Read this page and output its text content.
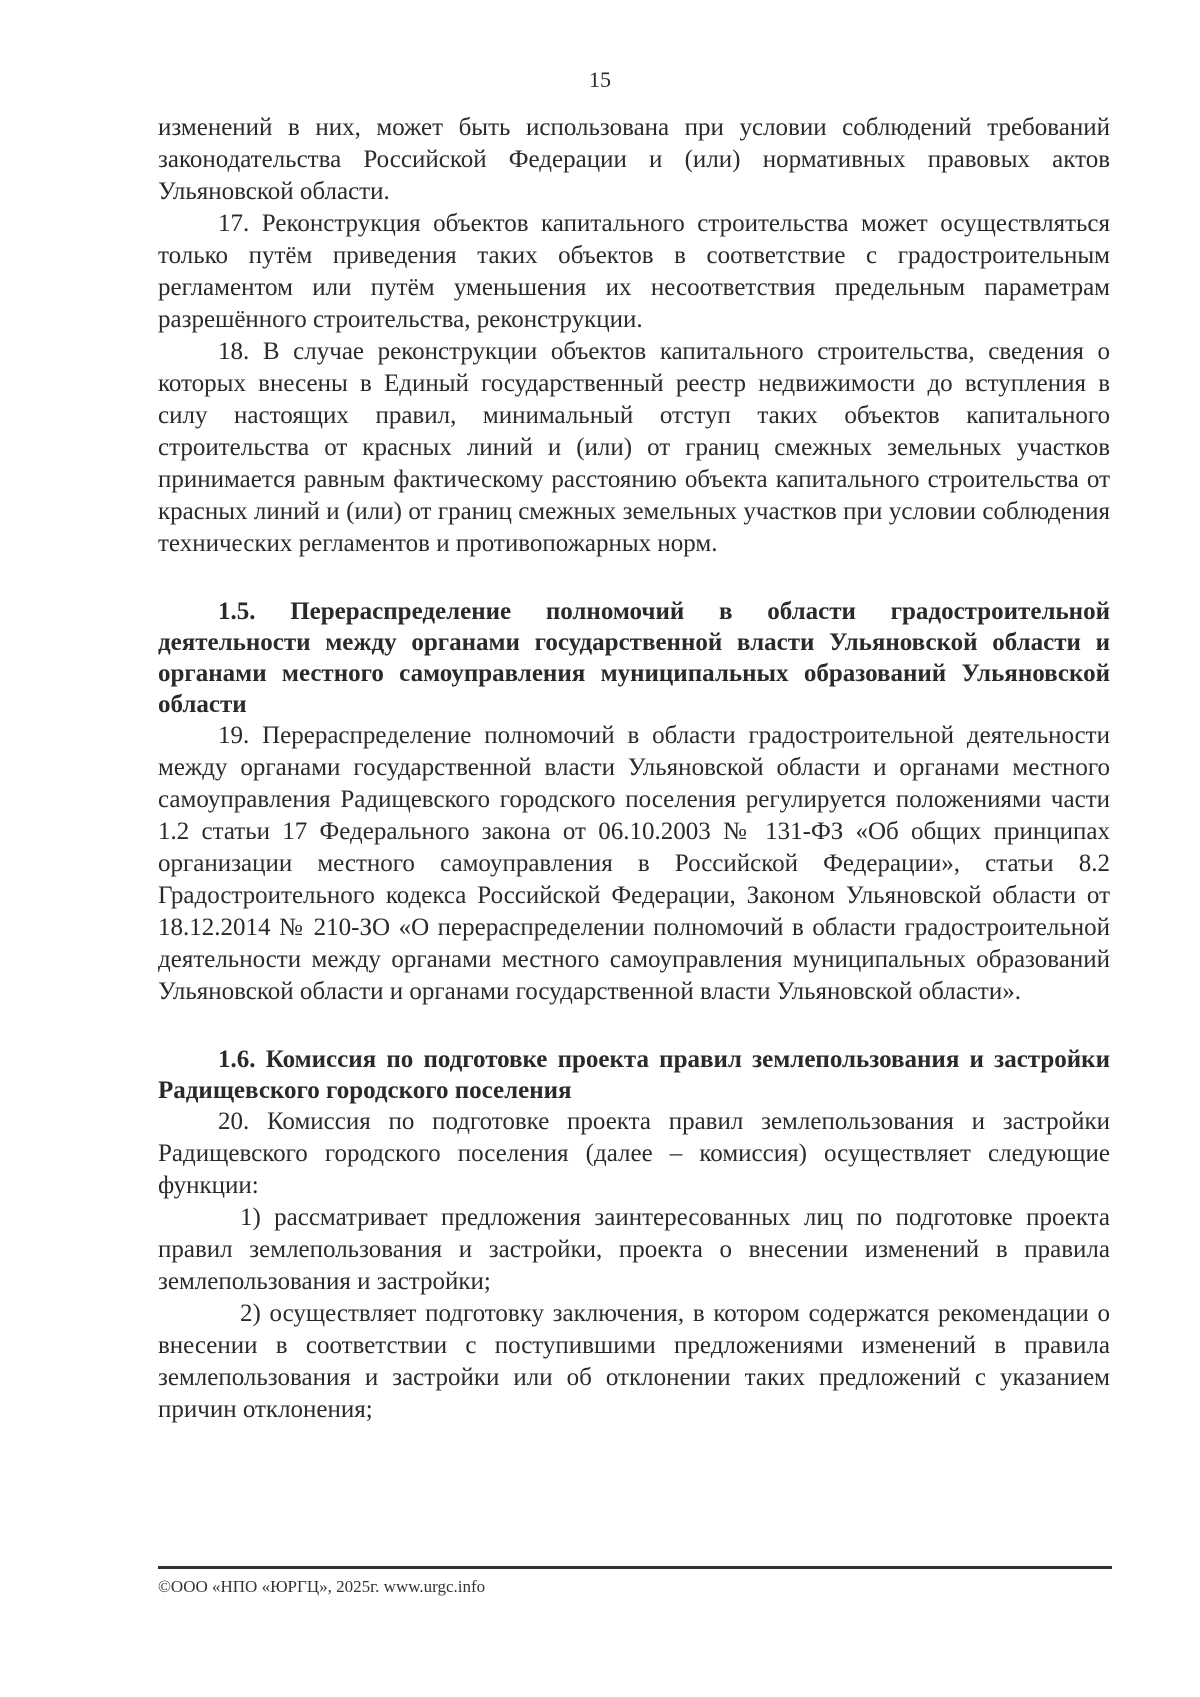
15

изменений в них, может быть использована при условии соблюдений требований законодательства Российской Федерации и (или) нормативных правовых актов Ульяновской области.

17. Реконструкция объектов капитального строительства может осуществляться только путём приведения таких объектов в соответствие с градостроительным регламентом или путём уменьшения их несоответствия предельным параметрам разрешённого строительства, реконструкции.

18. В случае реконструкции объектов капитального строительства, сведения о которых внесены в Единый государственный реестр недвижимости до вступления в силу настоящих правил, минимальный отступ таких объектов капитального строительства от красных линий и (или) от границ смежных земельных участков принимается равным фактическому расстоянию объекта капитального строительства от красных линий и (или) от границ смежных земельных участков при условии соблюдения технических регламентов и противопожарных норм.

1.5. Перераспределение полномочий в области градостроительной деятельности между органами государственной власти Ульяновской области и органами местного самоуправления муниципальных образований Ульяновской области

19. Перераспределение полномочий в области градостроительной деятельности между органами государственной власти Ульяновской области и органами местного самоуправления Радищевского городского поселения регулируется положениями части 1.2 статьи 17 Федерального закона от 06.10.2003 № 131-ФЗ «Об общих принципах организации местного самоуправления в Российской Федерации», статьи 8.2 Градостроительного кодекса Российской Федерации, Законом Ульяновской области от 18.12.2014 № 210-ЗО «О перераспределении полномочий в области градостроительной деятельности между органами местного самоуправления муниципальных образований Ульяновской области и органами государственной власти Ульяновской области».

1.6. Комиссия по подготовке проекта правил землепользования и застройки Радищевского городского поселения

20. Комиссия по подготовке проекта правил землепользования и застройки Радищевского городского поселения (далее – комиссия) осуществляет следующие функции:

1) рассматривает предложения заинтересованных лиц по подготовке проекта правил землепользования и застройки, проекта о внесении изменений в правила землепользования и застройки;

2) осуществляет подготовку заключения, в котором содержатся рекомендации о внесении в соответствии с поступившими предложениями изменений в правила землепользования и застройки или об отклонении таких предложений с указанием причин отклонения;

©ООО «НПО «ЮРГЦ», 2025г. www.urgc.info
